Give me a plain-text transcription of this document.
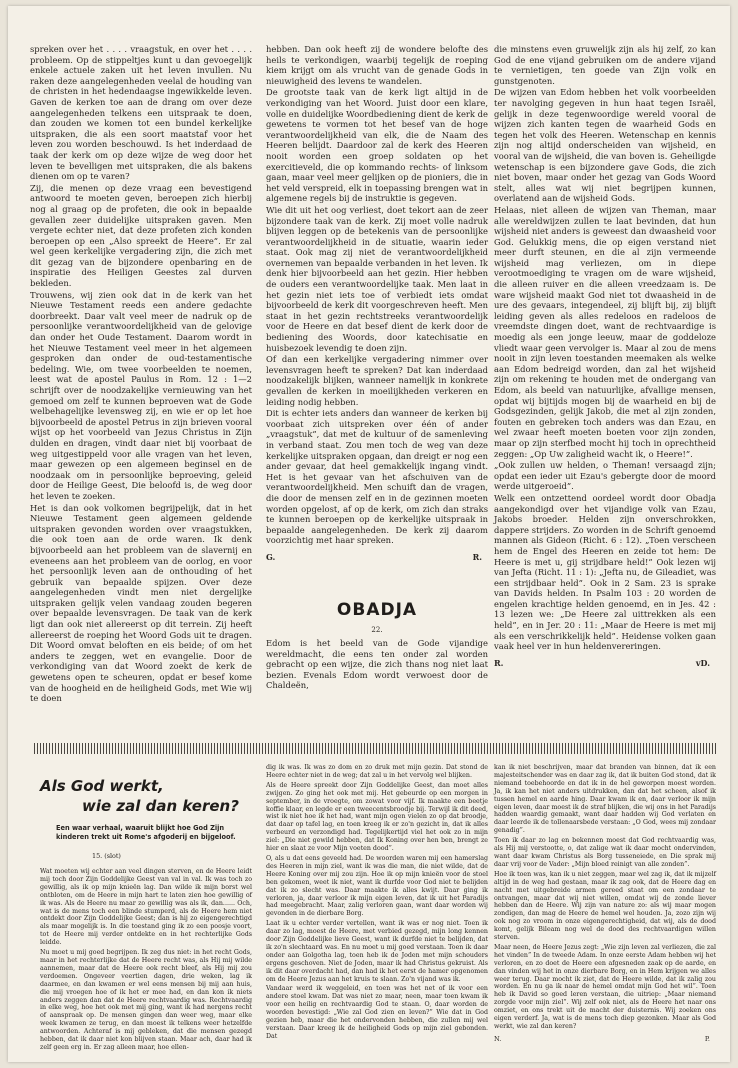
spreken over het . . . . vraagstuk, en over het . . . . probleem. Op de stippeltjes kunt u dan gevoegelijk enkele actuele zaken uit het leven invullen. Nu raken deze aangelegenheden veelal de houding van de christen in het hedendaagse ingewikkelde leven. Gaven de kerken toe aan de drang om over deze aangelegenheden telkens een uitspraak te doen, dan zouden we komen tot een bundel kerkelijke uitspraken, die als een soort maatstaf voor het leven zou worden beschouwd. Is het inderdaad de taak der kerk om op deze wijze de weg door het leven te bevelligen met uitspraken, die als bakens dienen om op te varen?

Zij, die menen op deze vraag een bevestigend antwoord te moeten geven, beroepen zich hierbij nog al graag op de profeten, die ook in bepaalde gevallen zeer duidelijke uitspraken gaven. Men vergete echter niet, dat deze profeten zich konden beroepen op een „Also spreekt de Heere”. Er zal wel geen kerkelijke vergadering zijn, die zich met dit gezag van de bijzondere openbaring en de inspiratie des Heiligen Geestes zal durven bekleden.

Trouwens, wij zien ook dat in de kerk van het Nieuwe Testament reeds een andere gedachte doorbreekt. Daar valt veel meer de nadruk op de persoonlijke verantwoordelijkheid van de gelovige dan onder het Oude Testament. Daarom wordt in het Nieuwe Testament veel meer in het algemeen gesproken dan onder de oud-testamentische bedeling. Wie, om twee voorbeelden te noemen, leest wat de apostel Paulus in Rom. 12 : 1—2 schrijft over de noodzakelijke vernieuwing van het gemoed om zelf te kunnen beproeven wat de Gode welbehagelijke levensweg zij, en wie er op let hoe bijvoorbeeld de apostel Petrus in zijn brieven vooral wijst op het voorbeeld van Jezus Christus in Zijn dulden en dragen, vindt daar niet bij voorbaat de weg uitgestippeld voor alle vragen van het leven, maar gewezen op een algemeen beginsel en de noodzaak om in persoonlijke beproeving, geleid door de Heilige Geest, Die beloofd is, de weg door het leven te zoeken.

Het is dan ook volkomen begrijpelijk, dat in het Nieuwe Testament geen algemeen geldende uitspraken gevonden worden over vraagstukken, die ook toen aan de orde waren. Ik denk bijvoorbeeld aan het probleem van de slavernij en eveneens aan het probleem van de oorlog, en voor het persoonlijk leven aan de onthouding of het gebruik van bepaalde spijzen. Over deze aangelegenheden vindt men niet dergelijke uitspraken gelijk velen vandaag zouden begeren over bepaalde levensvragen. De taak van de kerk ligt dan ook niet allereerst op dit terrein. Zij heeft allereerst de roeping het Woord Gods uit te dragen. Dit Woord omvat beloften en eis beide; of om het anders te zeggen, wet en evangelie. Door de verkondiging van dat Woord zoekt de kerk de gewetens open te scheuren, opdat er besef kome van de hoogheid en de heiligheid Gods, met Wie wij te doen

hebben. Dan ook heeft zij de wondere belofte des heils te verkondigen, waarbij tegelijk de roeping kiem krijgt om als vrucht van de genade Gods in nieuwigheid des levens te wandelen.

De grootste taak van de kerk ligt altijd in de verkondiging van het Woord. Juist door een klare, volle en duidelijke Woordbediening dient de kerk de gewetens te vormen tot het besef van de hoge verantwoordelijkheid van elk, die de Naam des Heeren belijdt. Daardoor zal de kerk des Heeren nooit worden een groep soldaten op het exercitieveld, die op kommando rechts- of linksom gaan, maar veel meer gelijken op de pioniers, die in het veld verspreid, elk in toepassing brengen wat in algemene regels bij de instruktie is gegeven.

Wie dit uit het oog verliest, doet tekort aan de zeer bijzondere taak van de kerk. Zij moet volle nadruk blijven leggen op de betekenis van de persoonlijke verantwoordelijkheid in de situatie, waarin ieder staat. Ook mag zij niet de verantwoordelijkheid overnemen van bepaalde verbanden in het leven. Ik denk hier bijvoorbeeld aan het gezin. Hier hebben de ouders een verantwoordelijke taak. Men laat in het gezin niet iets toe of verbiedt iets omdat bijvoorbeeld de kerk dit voorgeschreven heeft. Men staat in het gezin rechtstreeks verantwoordelijk voor de Heere en dat besef dient de kerk door de bediening des Woords, door katechisatie en huisbezoek levendig te doen zijn.

Of dan een kerkelijke vergadering nimmer over levensvragen heeft te spreken? Dat kan inderdaad noodzakelijk blijken, wanneer namelijk in konkrete gevallen de kerken in moeilijkheden verkeren en leiding nodig hebben.

Dit is echter iets anders dan wanneer de kerken bij voorbaat zich uitspreken over één of ander „vraagstuk”, dat met de kultuur of de samenleving in verband staat. Zou men toch de weg van deze kerkelijke uitspraken opgaan, dan dreigt er nog een ander gevaar, dat heel gemakkelijk ingang vindt. Het is het gevaar van het afschuiven van de verantwoordelijkheid. Men schuift dan de vragen, die door de mensen zelf en in de gezinnen moeten worden opgelost, af op de kerk, om zich dan straks te kunnen beroepen op de kerkelijke uitspraak in bepaalde aangelegenheden. De kerk zij daarom voorzichtig met haar spreken.

G.	R.
OBADJA
22.

Edom is het beeld van de Gode vijandige wereldmacht, die eens ten onder zal worden gebracht op een wijze, die zich thans nog niet laat bezien. Evenals Edom wordt verwoest door de Chaldeën,

die minstens even gruwelijk zijn als hij zelf, zo kan God de ene vijand gebruiken om de andere vijand te vernietigen, ten goede van Zijn volk en gunstgenoten.

De wijzen van Edom hebben het volk voorbeelden ter navolging gegeven in hun haat tegen Israël, gelijk in deze tegenwoordige wereld vooral de wijzen zich kanten tegen de waarheid Gods en tegen het volk des Heeren. Wetenschap en kennis zijn nog altijd onderscheiden van wijsheid, en vooral van de wijsheid, die van boven is. Geheiligde wetenschap is een bijzondere gave Gods, die zich niet boven, maar onder het gezag van Gods Woord stelt, alles wat wij niet begrijpen kunnen, overlatend aan de wijsheid Gods.

Helaas, niet alleen de wijzen van Theman, maar alle wereldwijzen zullen te laat bevinden, dat hun wijsheid niet anders is geweest dan dwaasheid voor God. Gelukkig mens, die op eigen verstand niet meer durft steunen, en die al zijn vermeende wijsheid mag verliezen, om in diepe verootmoediging te vragen om de ware wijsheid, die alleen ruiver en die alleen vreedzaam is. De ware wijsheid maakt God niet tot dwaasheid in de ure des gevaars, integendeel, zij blijft bij, zij blijft leiding geven als alles redeloos en radeloos de vreemdste dingen doet, want de rechtvaardige is moedig als een jonge leeuw, maar de goddeloze vliedt waar geen vervolger is. Maar al zou de mens nooit in zijn leven toestanden meemaken als welke aan Edom bedreigd worden, dan zal het wijsheid zijn om rekening te houden met de ondergang van Edom, als beeld van natuurlijke, afvallige mensen, opdat wij bijtijds mogen bij de waarheid en bij de Godsgezinden, gelijk Jakob, die met al zijn zonden, fouten en gebreken toch anders was dan Ezau, en wel zwaar heeft moeten boeten voor zijn zonden, maar op zijn sterfbed mocht hij toch in oprechtheid zeggen: „Op Uw zaligheid wacht ik, o Heere!”.

„Ook zullen uw helden, o Theman! versaagd zijn; opdat een ieder uit Ezau's gebergte door de moord werde uitgeroeid”.

Welk een ontzettend oordeel wordt door Obadja aangekondigd over het vijandige volk van Ezau, Jakobs broeder. Helden zijn onverschrokken, dappere strijders. Zo worden in de Schrift genoemd mannen als Gideon (Richt. 6 : 12). „Toen verscheen hem de Engel des Heeren en zeide tot hem: De Heere is met u, gij strijdbare held!” Ook lezen wij van Jefta (Richt. 11 : 1): „Jefta nu, de Gileadiet, was een strijdbaar held”. Ook in 2 Sam. 23 is sprake van Davids helden. In Psalm 103 : 20 worden de engelen krachtige helden genoemd, en in Jes. 42 : 13 lezen we: „De Heere zal uittrekken als een held”, en in Jer. 20 : 11: „Maar de Heere is met mij als een verschrikkelijk held”. Heidense volken gaan vaak heel ver in hun heldenvereringen.

R.	vD.
Als God werkt,
wie zal dan keren?
Een waar verhaal, waaruit blijkt hoe God Zijn kinderen trekt uit Rome's afgoderij en bijgeloof.
15. (slot)

Wat moeten wij echter aan veel dingen sterven, en de Heere leidt mij toch door Zijn Goddelijke Geest van val in val. Ik was toch zo gewillig, als ik op mijn knieën lag. Dan wilde ik mijn borst wel ontbloten, om de Heere in mijn hart te laten zien hoe gewillig of ik was. Als de Heere nu maar zo gewillig was als ik, dan...... Och, wat is de mens toch een blinde stumperd, als de Heere hem niet ontdekt door Zijn Goddelijke Geest; dan is hij zo eigengerechtigd als maar mogelijk is. In die toestand ging ik zo een poosje voort, tot de Heere mij verder ontdekte en in het rechterlijke Gods leidde.

Nu moet u mij goed begrijpen. Ik zeg dus niet: in het recht Gods, maar in het rechterlijke dat de Heere recht was, als Hij mij wilde aannemen, maar dat de Heere ook recht bleef, als Hij mij zou verdoemen. Ongeveer veertien dagen, drie weken, lag ik daarmee, en dan kwamen er wel eens mensen bij mij aan huis, die mij vroegen hoe of ik het er mee had, en dan kon ik niets anders zeggen dan dat de Heere rechtvaardig was. Rechtvaardig in elke weg, hoe het ook met mij ging, want ik had nergens recht of aanspraak op. De mensen gingen dan weer weg, maar elke week kwamen ze terug, en dan moest ik telkens weer hetzelfde antwoorden. Achteraf is mij gebleken, dat die mensen gezegd hebben, dat ik daar niet kon blijven staan. Maar ach, daar had ik zelf geen erg in. Er zag alleen maar, hoe ellen-

dig ik was. Ik was zo dom en zo druk met mijn gezin. Dat stond de Heere echter niet in de weg; dat zal u in het vervolg wel blijken.

Als de Heere spreekt door Zijn Goddelijke Geest, dan moet alles zwijgen. Zo ging het ook met mij. Het gebeurde op een morgen in september, in de vroegte, om zowat voor vijf. Ik maakte een beetje koffie klaar, en legde er een tweecentsbroodje bij. Terwijl ik dit deed, wist ik niet hoe ik het had, want mijn ogen vielen zo op dat broodje, dat daar op tafel lag, en toen kreeg ik er zo'n gezicht in, dat ik alles verbeurd en verzondigd had. Tegelijkertijd viel het ook zo in mijn ziel: „Die niet gewild hebben, dat Ik Koning over hen ben, brengt ze hier en slaat ze voor Mijn voeten dood”.

O, als u dat eens geveeld had. De woorden waren mij een hamerslag des Heeren in mijn ziel, want ik was die man, die niet wilde, dat de Heere Koning over mij zou zijn. Hoe ik op mijn knieën voor de stoel ben gekomen, weet ik niet, want ik durfde voor God niet te belijden dat ik zo slecht was. Daar maakte ik alles kwijt. Daar ging ik verloren, ja, daar verloor ik mijn eigen leven, dat ik uit het Paradijs had meegebracht. Maar, zalig verloren gaan, want daar worden wij gevonden in de dierbare Borg.

Laat ik u echter verder vertellen, want ik was er nog niet. Toen ik daar zo lag, moest de Heere, met verbied gezegd, mijn long kennen door Zijn Goddelijke lieve Geest, want ik durfde niet te belijden, dat ik zo'n slechtaard was. En nu moet u mij goed verstaan. Toen ik daar onder aan Golgotha lag, toen heb ik de Joden met mijn schouders ergens geschoven. Niet de Joden, maar ik had Christus gekruist. Als ik dit daar overdacht had, dan had ik het eerst de hamer opgenomen om de Heere Jezus aan het kruis te slaan. Zo'n vijand was ik.

Vandaar werd ik weggeleid, en toen was het net of ik voor een andere stoel kwam. Dat was niet zo maar, neen, maar toen kwam ik voor een heilig en rechtvaardig God te staan. O, daar worden de woorden bevestigd: „Wie zal God zien en leven?” Wie dat in God gezien heb, maar die het ondervonden hebben, die zullen mij wel verstaan. Daar kreeg ik de heiligheid Gods op mijn ziel gebonden. Dat

kan ik niet beschrijven, maar dat branden van binnen, dat ik een majesteitschender was en daar zag ik, dat ik buiten God stond, dat ik niemand toebehoorde en dat ik in de hel geworpen moest worden. Ja, ik kan het niet anders uitdrukken, dan dat het scheen, alsof ik tussen hemel en aarde hing. Daar kwam ik en, daar verloor ik mijn eigen leven, daar moest ik de straf blijken, die wij ons in het Paradijs hadden waardig gemaakt, want daar hadden wij God verlaten en daar leerde ik de tollenaarsbede verstaan: „O God, wees mij zondaar genadig”.

Toen ik daar zo lag en bekennen moest dat God rechtvaardig was, als Hij mij verstootte, o, dat zalige wat ik daar mocht ondervinden, want daar kwam Christus als Borg tusseneiede, en Die sprak mij daar vrij voor de Vader: „Mijn bloed reinigt van alle zonden”.

Hoe ik toen was, kan ik u niet zeggen, maar wel zag ik, dat ik mijzelf altijd in de weg had gestaan, maar ik zag ook, dat de Heere dag en nacht met uitgebreide armen gereed staat om een zondaar te ontvangen, maar dat wij niet willen, omdat wij de zonde liever hebben dan de Heere. Wij zijn van nature zo: als wij maar mogen zondigen, dan mag de Heere de hemel wel houden. Ja, zozo zijn wij ook nog zo vroom in onze eigengerechtigheid, dat wij, als de dood komt, gelijk Bileam nog wel de dood des rechtvaardigen willen sterven.

Maar neen, de Heere Jezus zegt: „Wie zijn leven zal verliezen, die zal het vinden” In de tweede Adam. In onze eerste Adam hebben wij het verloren, en zo doet de Heere een afgesneden zaak op de aarde, en dan vinden wij het in onze dierbare Borg, en in Hem krijgen we alles weer terug. Daar mocht ik ziet, dat de Heere wilde, dat ik zalig zou worden. En nu ga ik naar de hemel omdat mijn God het wil”. Toen heb ik David so goed leren verstaan, die uitriep: „Maar niemand zorgde voor mijn ziel”. Wij zelf ook niet, als de Heere het naar ons omziet, en ons trekt uit de macht der duisternis. Wij zoeken ons eigen verderf. Ja, wat is de mens toch diep gezonken. Maar als God werkt, wie zal dan keren?

N.	P.
